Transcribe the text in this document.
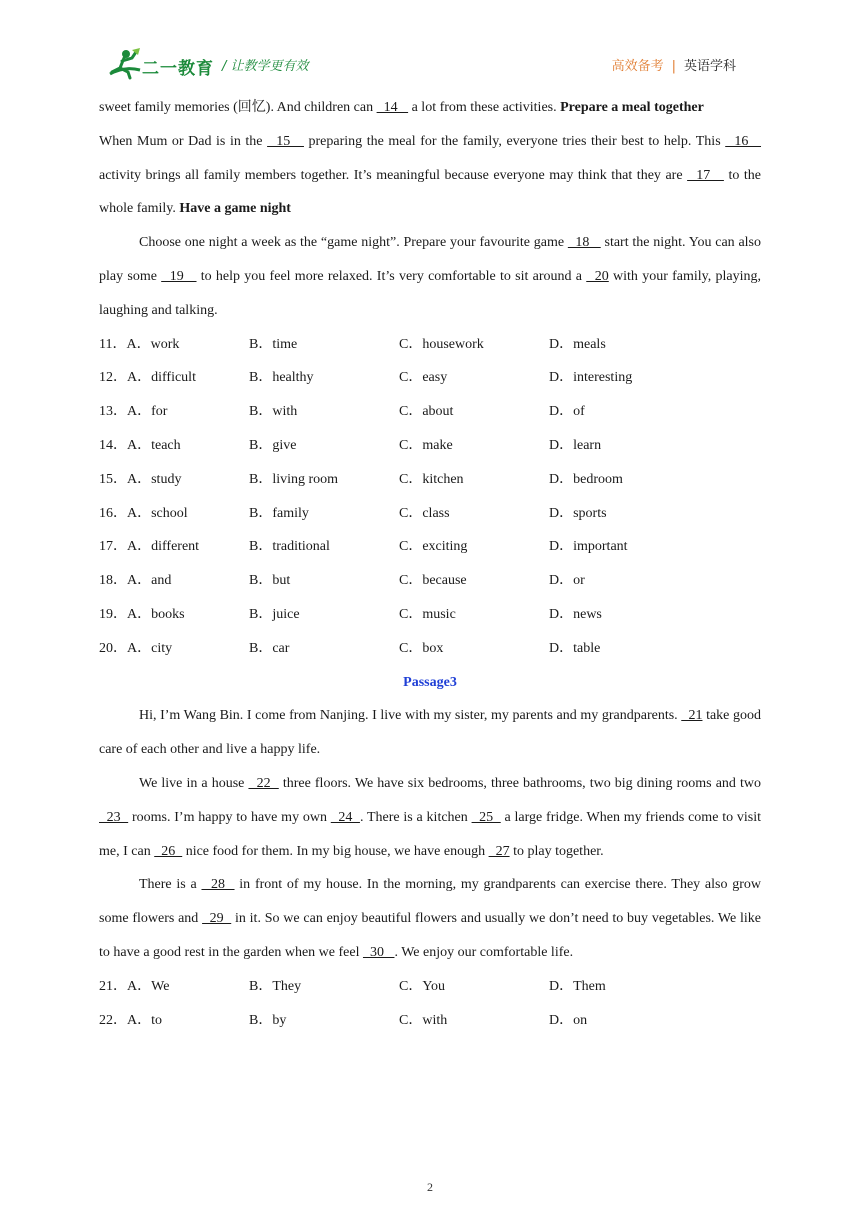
二一教育 / 让教学更有效	高效备考 | 英语学科

sweet family memories (回忆). And children can   14    a lot from these activities. Prepare a meal together

When Mum or Dad is in the   15    preparing the meal for the family, everyone tries their best to help. This   16    activity brings all family members together. It’s meaningful because everyone may think that they are   17    to the whole family. Have a game night

Choose one night a week as the “game night”. Prepare your favourite game   18    start the night. You can also play some   19    to help you feel more relaxed. It’s very comfortable to sit around a   20 with your family, playing, laughing and talking.

11．A．work	B．time	C．housework	D．meals
12．A．difficult	B．healthy	C．easy	D．interesting
13．A．for	B．with	C．about	D．of
14．A．teach	B．give	C．make	D．learn
15．A．study	B．living room	C．kitchen	D．bedroom
16．A．school	B．family	C．class	D．sports
17．A．different	B．traditional	C．exciting	D．important
18．A．and	B．but	C．because	D．or
19．A．books	B．juice	C．music	D．news
20．A．city	B．car	C．box	D．table
Passage3

Hi, I’m Wang Bin. I come from Nanjing. I live with my sister, my parents and my grandparents.   21 take good care of each other and live a happy life.

We live in a house   22   three floors. We have six bedrooms, three bathrooms, two big dining rooms and two   23   rooms. I’m happy to have my own   24  . There is a kitchen   25   a large fridge. When my friends come to visit me, I can   26   nice food for them. In my big house, we have enough   27 to play together.

There is a   28   in front of my house. In the morning, my grandparents can exercise there. They also grow some flowers and   29   in it. So we can enjoy beautiful flowers and usually we don’t need to buy vegetables. We like to have a good rest in the garden when we feel   30   . We enjoy our comfortable life.

21．A．We	B．They	C．You	D．Them
22．A．to	B．by	C．with	D．on
2
